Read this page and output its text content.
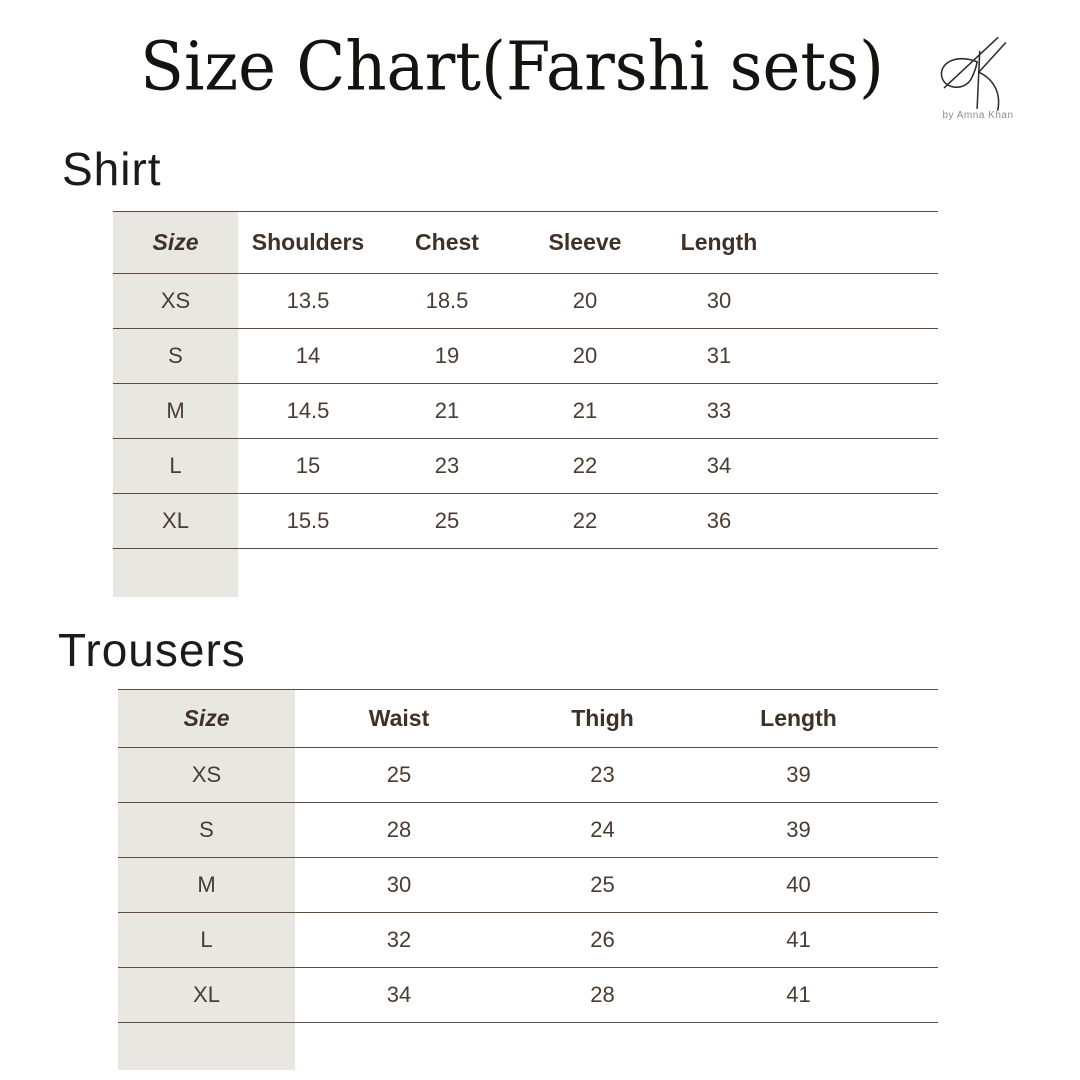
Size Chart(Farshi sets)
by Amna Khan
Shirt
Size	Shoulders	Chest	Sleeve	Length	
XS	13.5	18.5	20	30	
S	14	19	20	31	
M	14.5	21	21	33	
L	15	23	22	34	
XL	15.5	25	22	36	

Trousers
Size	Waist	Thigh	Length	
XS	25	23	39	
S	28	24	39	
M	30	25	40	
L	32	26	41	
XL	34	28	41	
